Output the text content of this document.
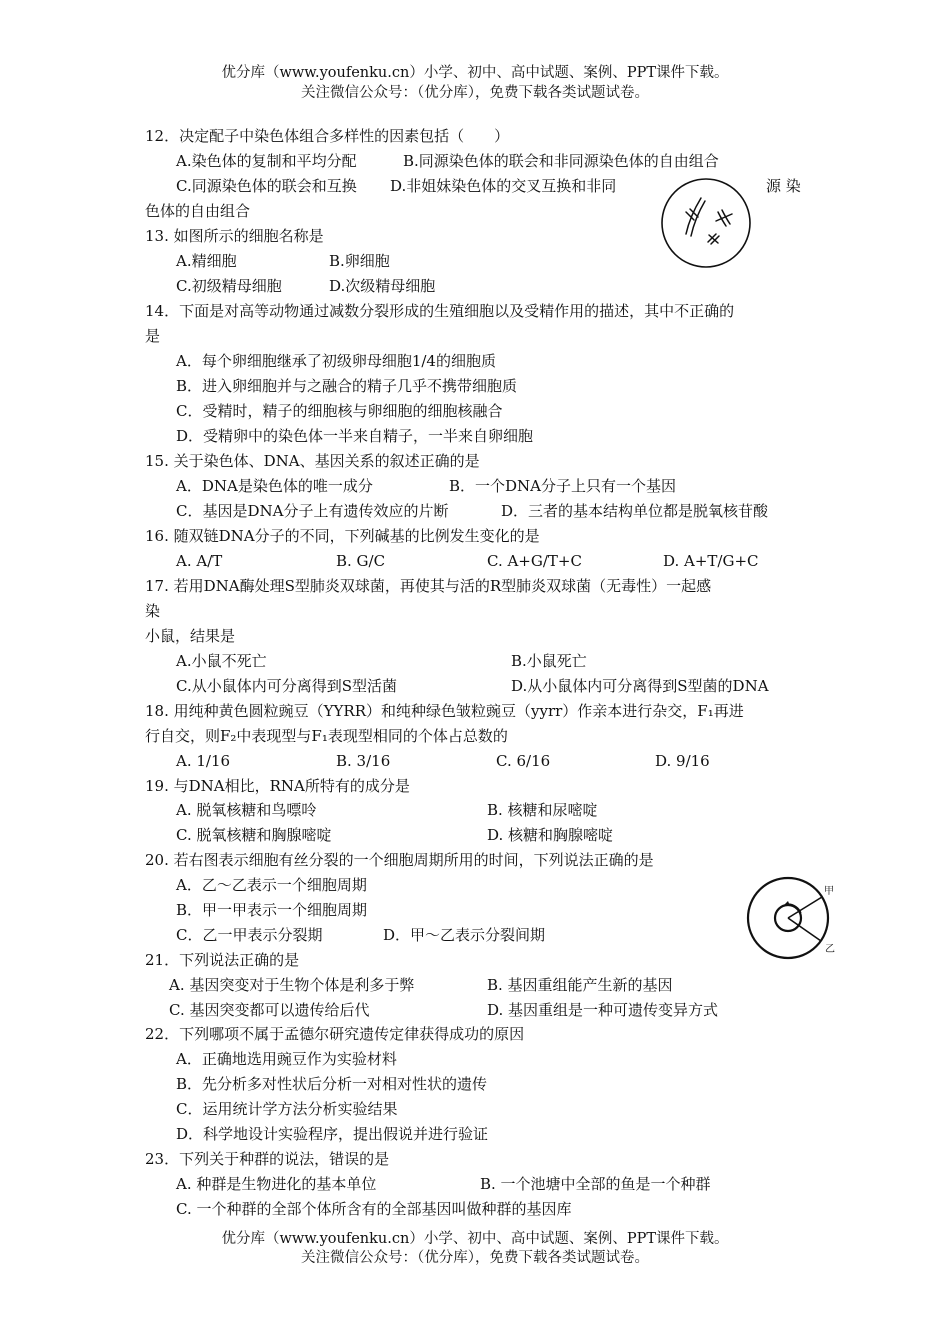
优分库（www.youfenku.cn）小学、初中、高中试题、案例、PPT课件下载。
关注微信公众号：（优分库），免费下载各类试题试卷。
12．决定配子中染色体组合多样性的因素包括（　　）
A.染色体的复制和平均分配	B.同源染色体的联会和非同源染色体的自由组合
C.同源染色体的联会和互换 D.非姐妹染色体的交叉互换和非同	源 染
色体的自由组合
13. 如图所示的细胞名称是
A.精细胞	B.卵细胞
C.初级精母细胞	D.次级精母细胞
14．下面是对高等动物通过减数分裂形成的生殖细胞以及受精作用的描述，其中不正确的
是
A．每个卵细胞继承了初级卵母细胞1/4的细胞质
B．进入卵细胞并与之融合的精子几乎不携带细胞质
C．受精时，精子的细胞核与卵细胞的细胞核融合
D．受精卵中的染色体一半来自精子，一半来自卵细胞
15. 关于染色体、DNA、基因关系的叙述正确的是
A．DNA是染色体的唯一成分	B．一个DNA分子上只有一个基因
C．基因是DNA分子上有遗传效应的片断	D．三者的基本结构单位都是脱氧核苷酸
16. 随双链DNA分子的不同，下列碱基的比例发生变化的是
A. A/T	B. G/C	C. A+G/T+C	D. A+T/G+C
17. 若用DNA酶处理S型肺炎双球菌，再使其与活的R型肺炎双球菌（无毒性）一起感
染
小鼠，结果是
A.小鼠不死亡	B.小鼠死亡
C.从小鼠体内可分离得到S型活菌	D.从小鼠体内可分离得到S型菌的DNA
18. 用纯种黄色圆粒豌豆（YYRR）和纯种绿色皱粒豌豆（yyrr）作亲本进行杂交，F₁再进
行自交，则F₂中表现型与F₁表现型相同的个体占总数的
A. 1/16	B. 3/16	C. 6/16	D. 9/16
19. 与DNA相比，RNA所特有的成分是
A. 脱氧核糖和鸟嘌呤	B. 核糖和尿嘧啶
C. 脱氧核糖和胸腺嘧啶	D. 核糖和胸腺嘧啶
20. 若右图表示细胞有丝分裂的一个细胞周期所用的时间，下列说法正确的是
A．乙～乙表示一个细胞周期
B．甲一甲表示一个细胞周期
C．乙一甲表示分裂期	D．甲～乙表示分裂间期
甲
乙
21．下列说法正确的是
A. 基因突变对于生物个体是利多于弊	B. 基因重组能产生新的基因
C. 基因突变都可以遗传给后代	D. 基因重组是一种可遗传变异方式
22．下列哪项不属于孟德尔研究遗传定律获得成功的原因
A．正确地选用豌豆作为实验材料
B．先分析多对性状后分析一对相对性状的遗传
C．运用统计学方法分析实验结果
D．科学地设计实验程序，提出假说并进行验证
23．下列关于种群的说法，错误的是
A. 种群是生物进化的基本单位	B. 一个池塘中全部的鱼是一个种群
C. 一个种群的全部个体所含有的全部基因叫做种群的基因库
优分库（www.youfenku.cn）小学、初中、高中试题、案例、PPT课件下载。
关注微信公众号：（优分库），免费下载各类试题试卷。
